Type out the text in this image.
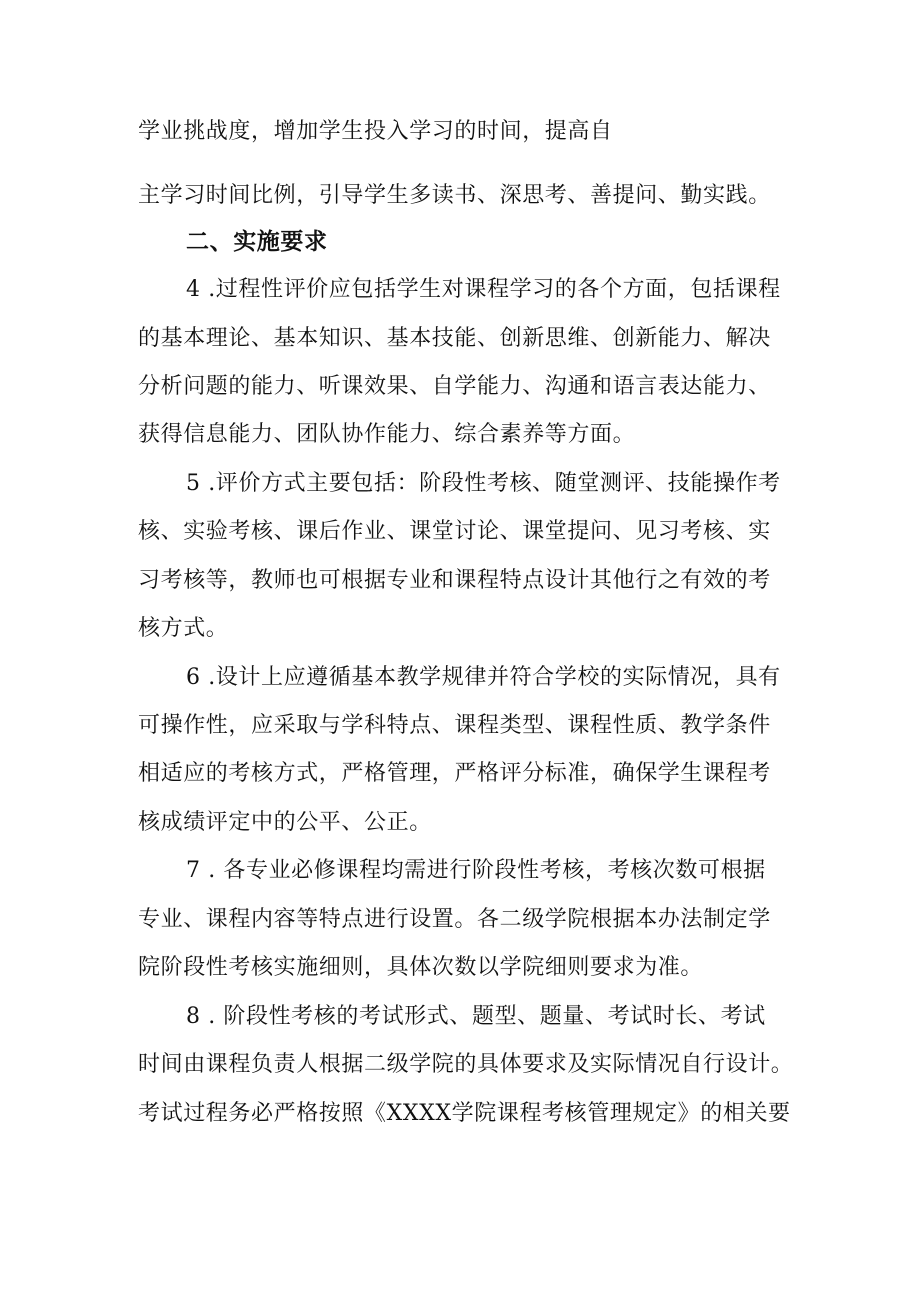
学业挑战度，增加学生投入学习的时间，提高自
主学习时间比例，引导学生多读书、深思考、善提问、勤实践。
二、实施要求
4 .过程性评价应包括学生对课程学习的各个方面，包括课程
的基本理论、基本知识、基本技能、创新思维、创新能力、解决
分析问题的能力、听课效果、自学能力、沟通和语言表达能力、
获得信息能力、团队协作能力、综合素养等方面。
5 .评价方式主要包括：阶段性考核、随堂测评、技能操作考
核、实验考核、课后作业、课堂讨论、课堂提问、见习考核、实
习考核等，教师也可根据专业和课程特点设计其他行之有效的考
核方式。
6 .设计上应遵循基本教学规律并符合学校的实际情况，具有
可操作性，应采取与学科特点、课程类型、课程性质、教学条件
相适应的考核方式，严格管理，严格评分标准，确保学生课程考
核成绩评定中的公平、公正。
7 . 各专业必修课程均需进行阶段性考核，考核次数可根据
专业、课程内容等特点进行设置。各二级学院根据本办法制定学
院阶段性考核实施细则，具体次数以学院细则要求为准。
8 . 阶段性考核的考试形式、题型、题量、考试时长、考试
时间由课程负责人根据二级学院的具体要求及实际情况自行设计。
考试过程务必严格按照《XXXX学院课程考核管理规定》的相关要
